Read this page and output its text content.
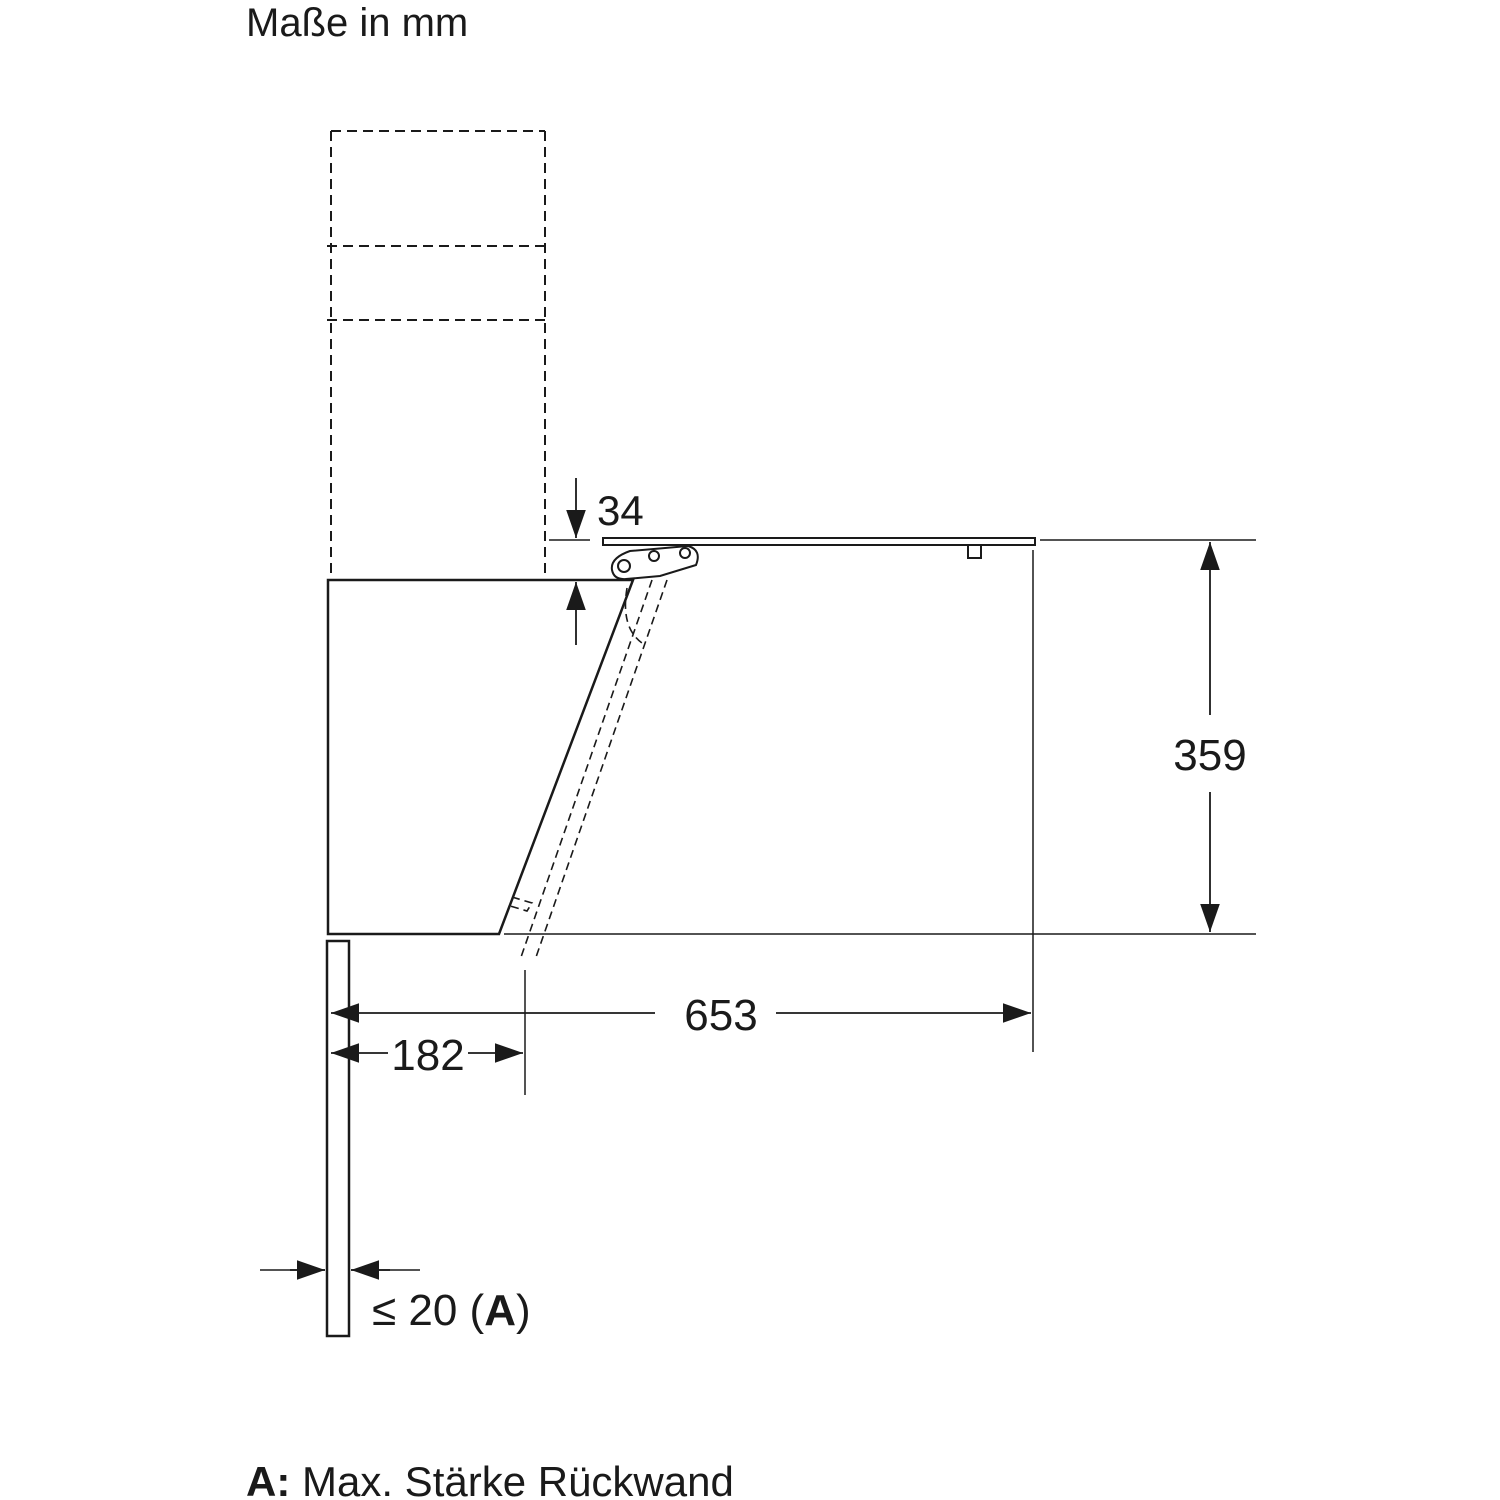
Maße in mm
34
359
653
182
≤ 20 (A)
A: Max. Stärke Rückwand
